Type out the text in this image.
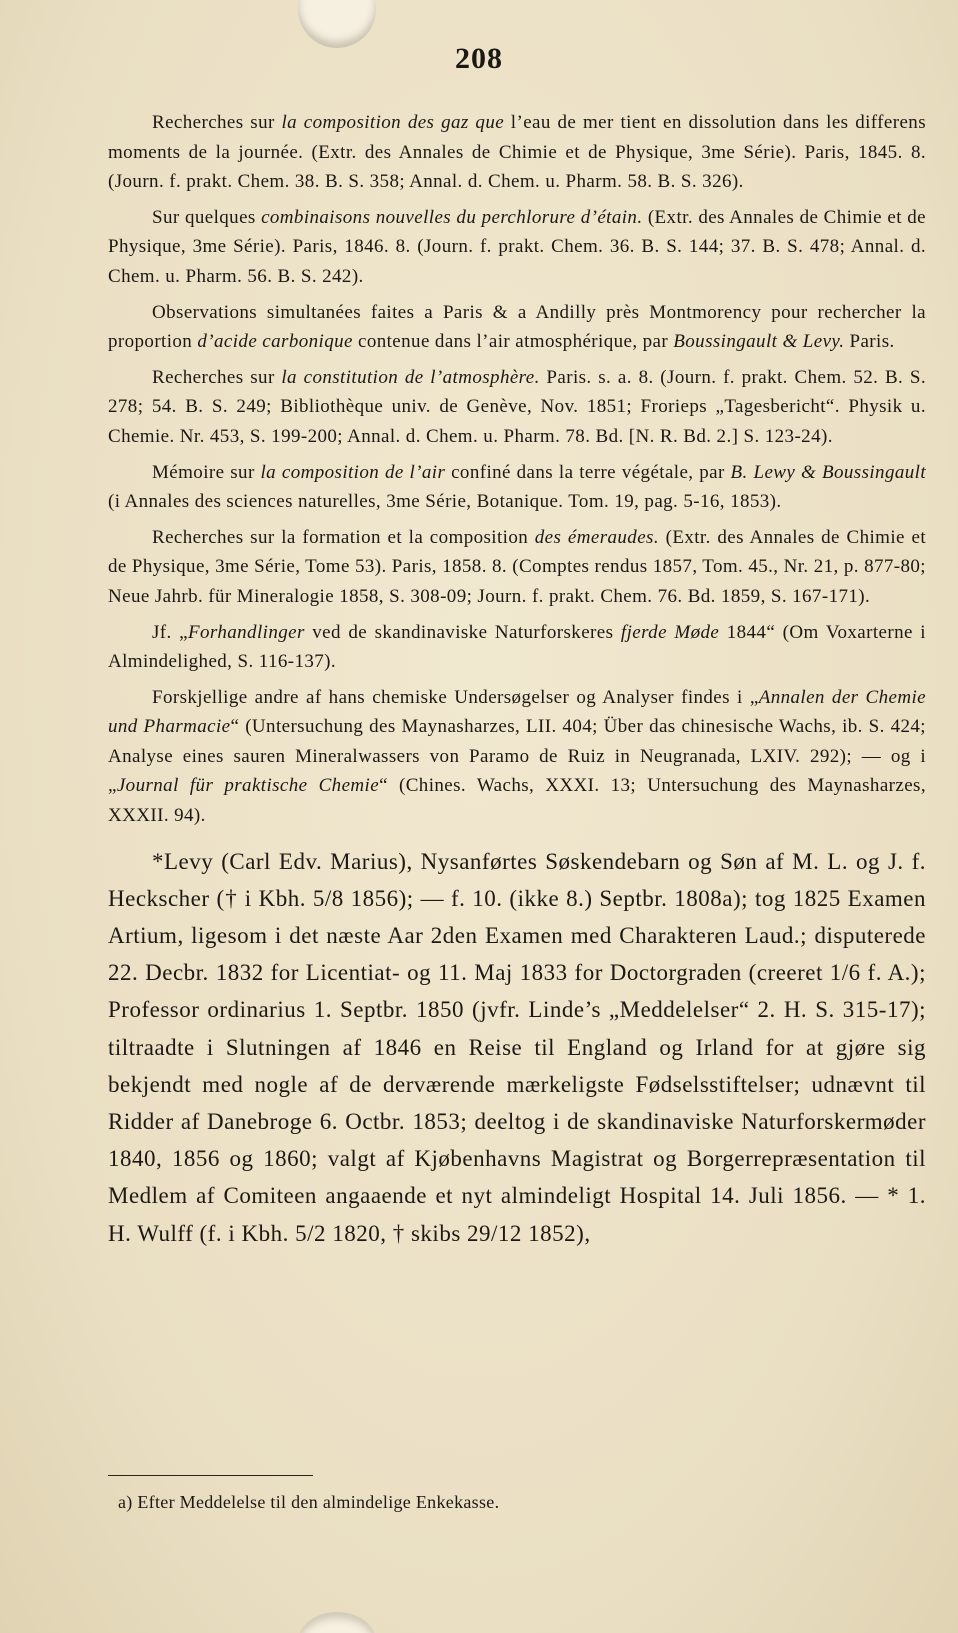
208

Recherches sur la composition des gaz que l’eau de mer tient en dissolution dans les differens moments de la journée. (Extr. des Annales de Chimie et de Physique, 3me Série). Paris, 1845. 8. (Journ. f. prakt. Chem. 38. B. S. 358; Annal. d. Chem. u. Pharm. 58. B. S. 326).

Sur quelques combinaisons nouvelles du perchlorure d’étain. (Extr. des Annales de Chimie et de Physique, 3me Série). Paris, 1846. 8. (Journ. f. prakt. Chem. 36. B. S. 144; 37. B. S. 478; Annal. d. Chem. u. Pharm. 56. B. S. 242).

Observations simultanées faites a Paris & a Andilly près Montmorency pour rechercher la proportion d’acide carbonique contenue dans l’air atmosphérique, par Boussingault & Levy. Paris.

Recherches sur la constitution de l’atmosphère. Paris. s. a. 8. (Journ. f. prakt. Chem. 52. B. S. 278; 54. B. S. 249; Bibliothèque univ. de Genève, Nov. 1851; Frorieps „Tagesbericht“. Physik u. Chemie. Nr. 453, S. 199-200; Annal. d. Chem. u. Pharm. 78. Bd. [N. R. Bd. 2.] S. 123-24).

Mémoire sur la composition de l’air confiné dans la terre végétale, par B. Lewy & Boussingault (i Annales des sciences naturelles, 3me Série, Botanique. Tom. 19, pag. 5-16, 1853).

Recherches sur la formation et la composition des émeraudes. (Extr. des Annales de Chimie et de Physique, 3me Série, Tome 53). Paris, 1858. 8. (Comptes rendus 1857, Tom. 45., Nr. 21, p. 877-80; Neue Jahrb. für Mineralogie 1858, S. 308-09; Journ. f. prakt. Chem. 76. Bd. 1859, S. 167-171).

Jf. „Forhandlinger ved de skandinaviske Naturforskeres fjerde Møde 1844“ (Om Voxarterne i Almindelighed, S. 116-137).

Forskjellige andre af hans chemiske Undersøgelser og Analyser findes i „Annalen der Chemie und Pharmacie“ (Untersuchung des Maynasharzes, LII. 404; Über das chinesische Wachs, ib. S. 424; Analyse eines sauren Mineralwassers von Paramo de Ruiz in Neugranada, LXIV. 292); — og i „Journal für praktische Chemie“ (Chines. Wachs, XXXI. 13; Untersuchung des Maynasharzes, XXXII. 94).

*Levy (Carl Edv. Marius), Nysanførtes Søskendebarn og Søn af M. L. og J. f. Heckscher († i Kbh. 5/8 1856); — f. 10. (ikke 8.) Septbr. 1808a); tog 1825 Examen Artium, ligesom i det næste Aar 2den Examen med Charakteren Laud.; disputerede 22. Decbr. 1832 for Licentiat- og 11. Maj 1833 for Doctorgraden (creeret 1/6 f. A.); Professor ordinarius 1. Septbr. 1850 (jvfr. Linde’s „Meddelelser“ 2. H. S. 315-17); tiltraadte i Slutningen af 1846 en Reise til England og Irland for at gjøre sig bekjendt med nogle af de derværende mærkeligste Fødselsstiftelser; udnævnt til Ridder af Danebroge 6. Octbr. 1853; deeltog i de skandinaviske Naturforskermøder 1840, 1856 og 1860; valgt af Kjøbenhavns Magistrat og Borgerrepræsentation til Medlem af Comiteen angaaende et nyt almindeligt Hospital 14. Juli 1856. — * 1. H. Wulff (f. i Kbh. 5/2 1820, † skibs 29/12 1852),

a) Efter Meddelelse til den almindelige Enkekasse.
